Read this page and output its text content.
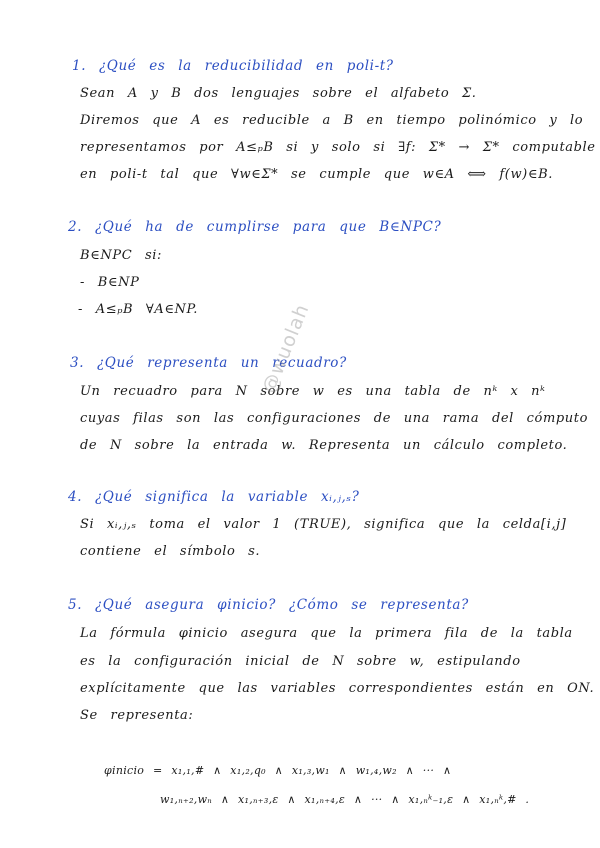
1. ¿Qué es la reducibilidad en poli-t?
Sean A y B dos lenguajes sobre el alfabeto Σ.
Diremos que A es reducible a B en tiempo polinómico y lo
representamos por A≤ₚB si y solo si ∃f: Σ* → Σ* computable
en poli-t tal que ∀w∈Σ* se cumple que w∈A ⟺ f(w)∈B.
2. ¿Qué ha de cumplirse para que B∈NPC?
B∈NPC si:
- B∈NP
- A≤ₚB ∀A∈NP.
3. ¿Qué representa un recuadro?
Un recuadro para N sobre w es una tabla de nᵏ x nᵏ
cuyas filas son las configuraciones de una rama del cómputo
de N sobre la entrada w. Representa un cálculo completo.
4. ¿Qué significa la variable xᵢ,ⱼ,ₛ?
Si xᵢ,ⱼ,ₛ toma el valor 1 (TRUE), significa que la celda[i,j]
contiene el símbolo s.
5. ¿Qué asegura φinicio? ¿Cómo se representa?
La fórmula φinicio asegura que la primera fila de la tabla
es la configuración inicial de N sobre w, estipulando
explícitamente que las variables correspondientes están en ON.
Se representa:
φinicio = x₁,₁,# ∧ x₁,₂,q₀ ∧ x₁,₃,w₁ ∧ w₁,₄,w₂ ∧ ··· ∧
w₁,ₙ₊₂,wₙ ∧ x₁,ₙ₊₃,ε ∧ x₁,ₙ₊₄,ε ∧ ··· ∧ x₁,ₙᵏ₋₁,ε ∧ x₁,ₙᵏ,# .
@wuolah
